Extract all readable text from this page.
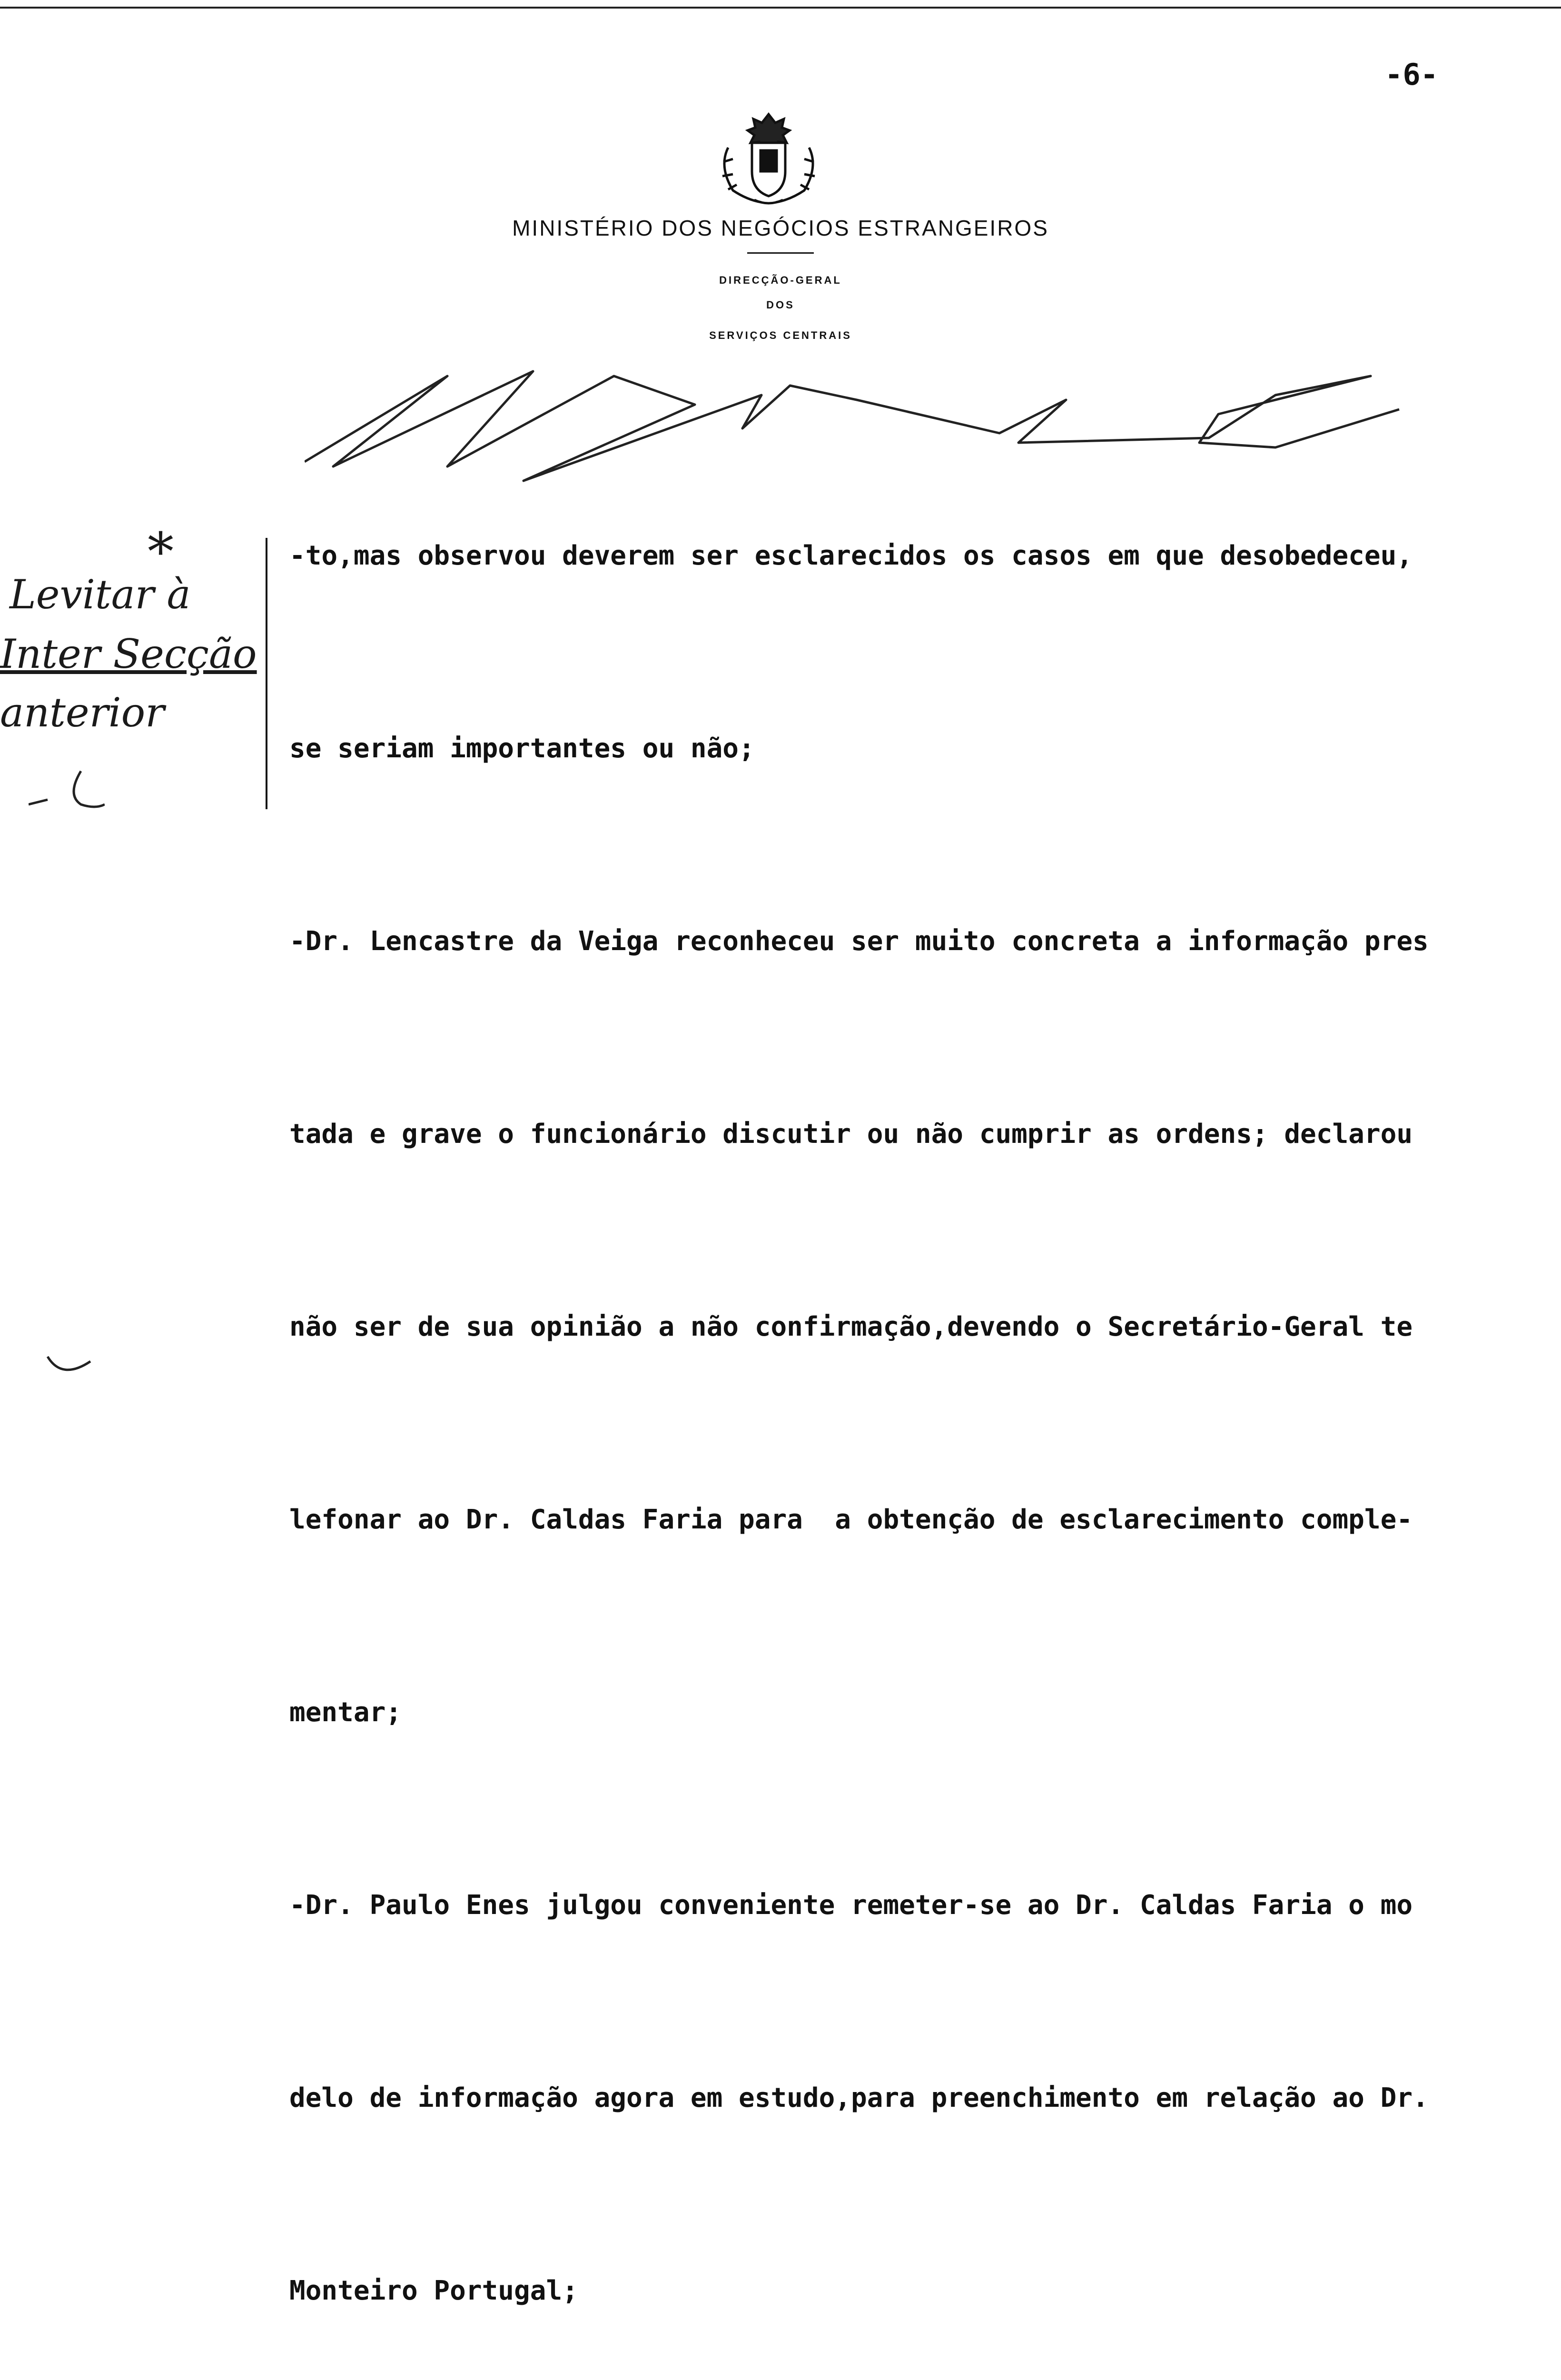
-6-
MINISTÉRIO DOS NEGÓCIOS ESTRANGEIROS
DIRECÇÃO-GERAL
DOS
SERVIÇOS CENTRAIS

-to,mas observou deverem ser esclarecidos os casos em que desobedeceu,

se seriam importantes ou não;

-Dr. Lencastre da Veiga reconheceu ser muito concreta a informação pres

tada e grave o funcionário discutir ou não cumprir as ordens; declarou

não ser de sua opinião a não confirmação,devendo o Secretário-Geral te

lefonar ao Dr. Caldas Faria para  a obtenção de esclarecimento comple-

mentar;

-Dr. Paulo Enes julgou conveniente remeter-se ao Dr. Caldas Faria o mo

delo de informação agora em estudo,para preenchimento em relação ao Dr.

Monteiro Portugal;

*
Levitar à
Inter Secção
anterior
